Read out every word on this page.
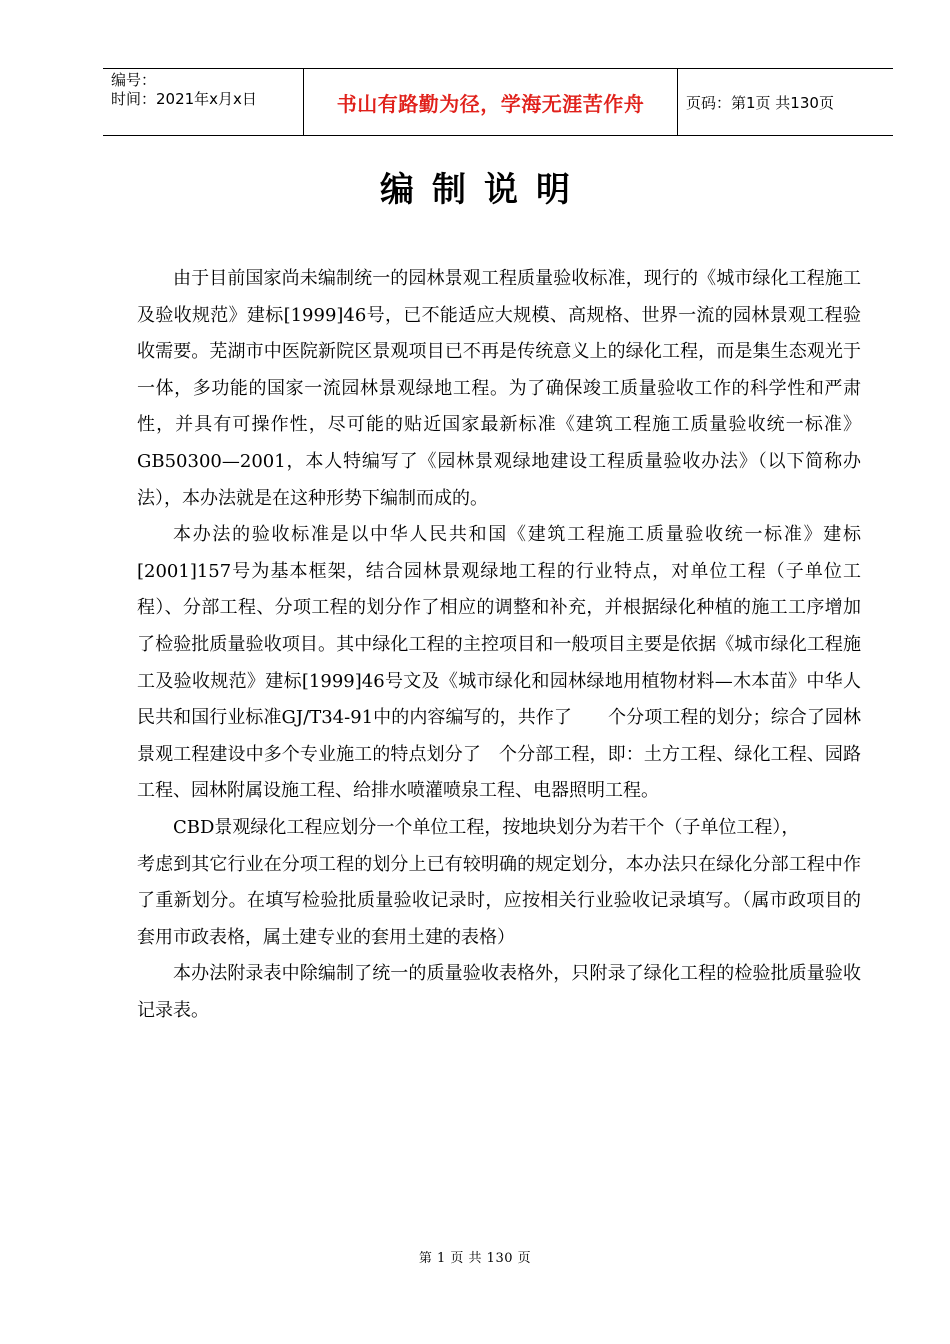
编号：
时间：2021年x月x日	书山有路勤为径，学海无涯苦作舟	页码：第1页 共130页
编制说明

由于目前国家尚未编制统一的园林景观工程质量验收标准，现行的《城市绿化工程施工及验收规范》建标[1999]46号，已不能适应大规模、高规格、世界一流的园林景观工程验收需要。芜湖市中医院新院区景观项目已不再是传统意义上的绿化工程，而是集生态观光于一体，多功能的国家一流园林景观绿地工程。为了确保竣工质量验收工作的科学性和严肃性，并具有可操作性，尽可能的贴近国家最新标准《建筑工程施工质量验收统一标准》GB50300—2001，本人特编写了《园林景观绿地建设工程质量验收办法》（以下简称办法），本办法就是在这种形势下编制而成的。

本办法的验收标准是以中华人民共和国《建筑工程施工质量验收统一标准》建标[2001]157号为基本框架，结合园林景观绿地工程的行业特点，对单位工程（子单位工程）、分部工程、分项工程的划分作了相应的调整和补充，并根据绿化种植的施工工序增加了检验批质量验收项目。其中绿化工程的主控项目和一般项目主要是依据《城市绿化工程施工及验收规范》建标[1999]46号文及《城市绿化和园林绿地用植物材料—木本苗》中华人民共和国行业标准GJ/T34-91中的内容编写的，共作了　　个分项工程的划分；综合了园林景观工程建设中多个专业施工的特点划分了　个分部工程，即：土方工程、绿化工程、园路工程、园林附属设施工程、给排水喷灌喷泉工程、电器照明工程。

CBD景观绿化工程应划分一个单位工程，按地块划分为若干个（子单位工程），

考虑到其它行业在分项工程的划分上已有较明确的规定划分，本办法只在绿化分部工程中作了重新划分。在填写检验批质量验收记录时，应按相关行业验收记录填写。（属市政项目的套用市政表格，属土建专业的套用土建的表格）

本办法附录表中除编制了统一的质量验收表格外，只附录了绿化工程的检验批质量验收记录表。

第 1 页 共 130 页
